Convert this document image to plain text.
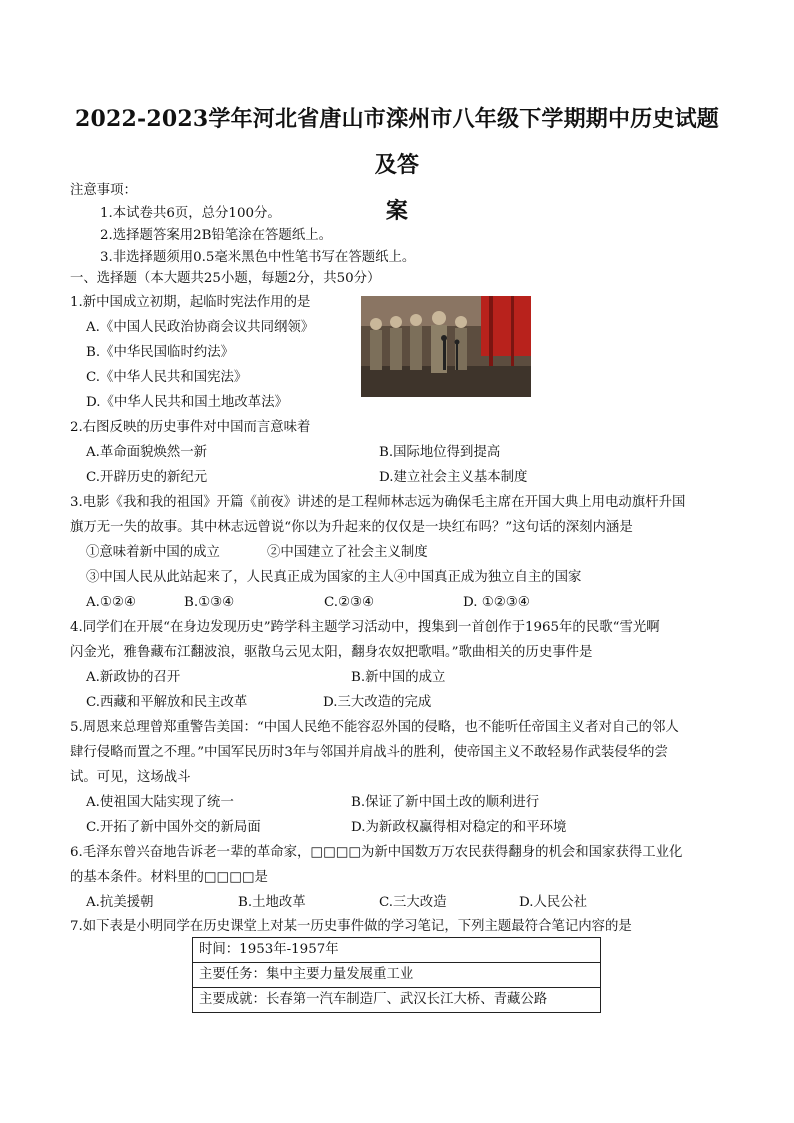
2022-2023学年河北省唐山市滦州市八年级下学期期中历史试题及答
案
注意事项：
1.本试卷共6页，总分100分。
2.选择题答案用2B铅笔涂在答题纸上。
3.非选择题须用0.5毫米黑色中性笔书写在答题纸上。
一、选择题（本大题共25小题，每题2分，共50分）
1.新中国成立初期，起临时宪法作用的是
A.《中国人民政治协商会议共同纲领》
B.《中华民国临时约法》
C.《中华人民共和国宪法》
D.《中华人民共和国土地改革法》
2.右图反映的历史事件对中国而言意味着
A.革命面貌焕然一新	B.国际地位得到提高
C.开辟历史的新纪元	D.建立社会主义基本制度
3.电影《我和我的祖国》开篇《前夜》讲述的是工程师林志远为确保毛主席在开国大典上用电动旗杆升国
旗万无一失的故事。其中林志远曾说“你以为升起来的仅仅是一块红布吗？”这句话的深刻内涵是
①意味着新中国的成立	②中国建立了社会主义制度
③中国人民从此站起来了，人民真正成为国家的主人④中国真正成为独立自主的国家
A.①②④	B.①③④	C.②③④	D. ①②③④
4.同学们在开展“在身边发现历史”跨学科主题学习活动中，搜集到一首创作于1965年的民歌“雪光啊
闪金光，雅鲁藏布江翻波浪，驱散乌云见太阳，翻身农奴把歌唱。”歌曲相关的历史事件是
A.新政协的召开	B.新中国的成立
C.西藏和平解放和民主改革	D.三大改造的完成
5.周恩来总理曾郑重警告美国：“中国人民绝不能容忍外国的侵略，也不能听任帝国主义者对自己的邻人
肆行侵略而置之不理。”中国军民历时3年与邻国并肩战斗的胜利，使帝国主义不敢轻易作武装侵华的尝
试。可见，这场战斗
A.使祖国大陆实现了统一	B.保证了新中国土改的顺利进行
C.开拓了新中国外交的新局面	D.为新政权赢得相对稳定的和平环境
6.毛泽东曾兴奋地告诉老一辈的革命家，□□□□为新中国数万万农民获得翻身的机会和国家获得工业化
的基本条件。材料里的□□□□是
A.抗美援朝	B.土地改革	C.三大改造	D.人民公社
7.如下表是小明同学在历史课堂上对某一历史事件做的学习笔记，下列主题最符合笔记内容的是
时间：1953年-1957年
主要任务：集中主要力量发展重工业
主要成就：长春第一汽车制造厂、武汉长江大桥、青藏公路
